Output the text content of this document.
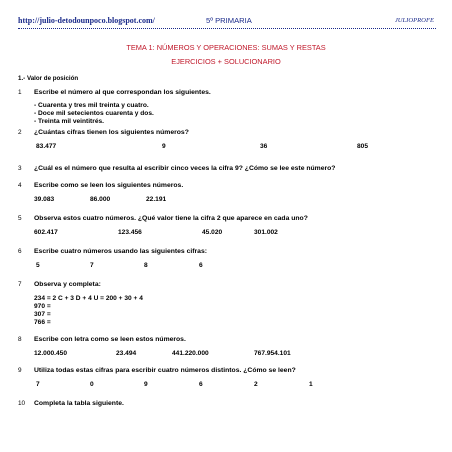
http://julio-detodounpoco.blogspot.com/	5º PRIMARIA	JULIOPROFE
TEMA 1: NÚMEROS Y OPERACIONES: SUMAS Y RESTAS
EJERCICIOS + SOLUCIONARIO
1.- Valor de posición
1	Escribe el número al que correspondan los siguientes.
- Cuarenta y tres mil treinta y cuatro.
- Doce mil setecientos cuarenta y dos.
- Treinta mil veintitrés.
2	¿Cuántas cifras tienen los siguientes números?
83.477	9	36	805
3	¿Cuál es el número que resulta al escribir cinco veces la cifra 9? ¿Cómo se lee este número?
4	Escribe como se leen los siguientes números.
39.083	86.000	22.191
5	Observa estos cuatro números. ¿Qué valor tiene la cifra 2 que aparece en cada uno?
602.417	123.456	45.020	301.002
6	Escribe cuatro números usando las siguientes cifras:
5	7	8	6
7	Observa y completa:
234 = 2 C + 3 D + 4 U = 200 + 30 + 4
970 =
307 =
766 =
8	Escribe con letra como se leen estos números.
12.000.450	23.494	441.220.000	767.954.101
9	Utiliza todas estas cifras para escribir cuatro números distintos. ¿Cómo se leen?
7	0	9	6	2	1
10	Completa la tabla siguiente.
